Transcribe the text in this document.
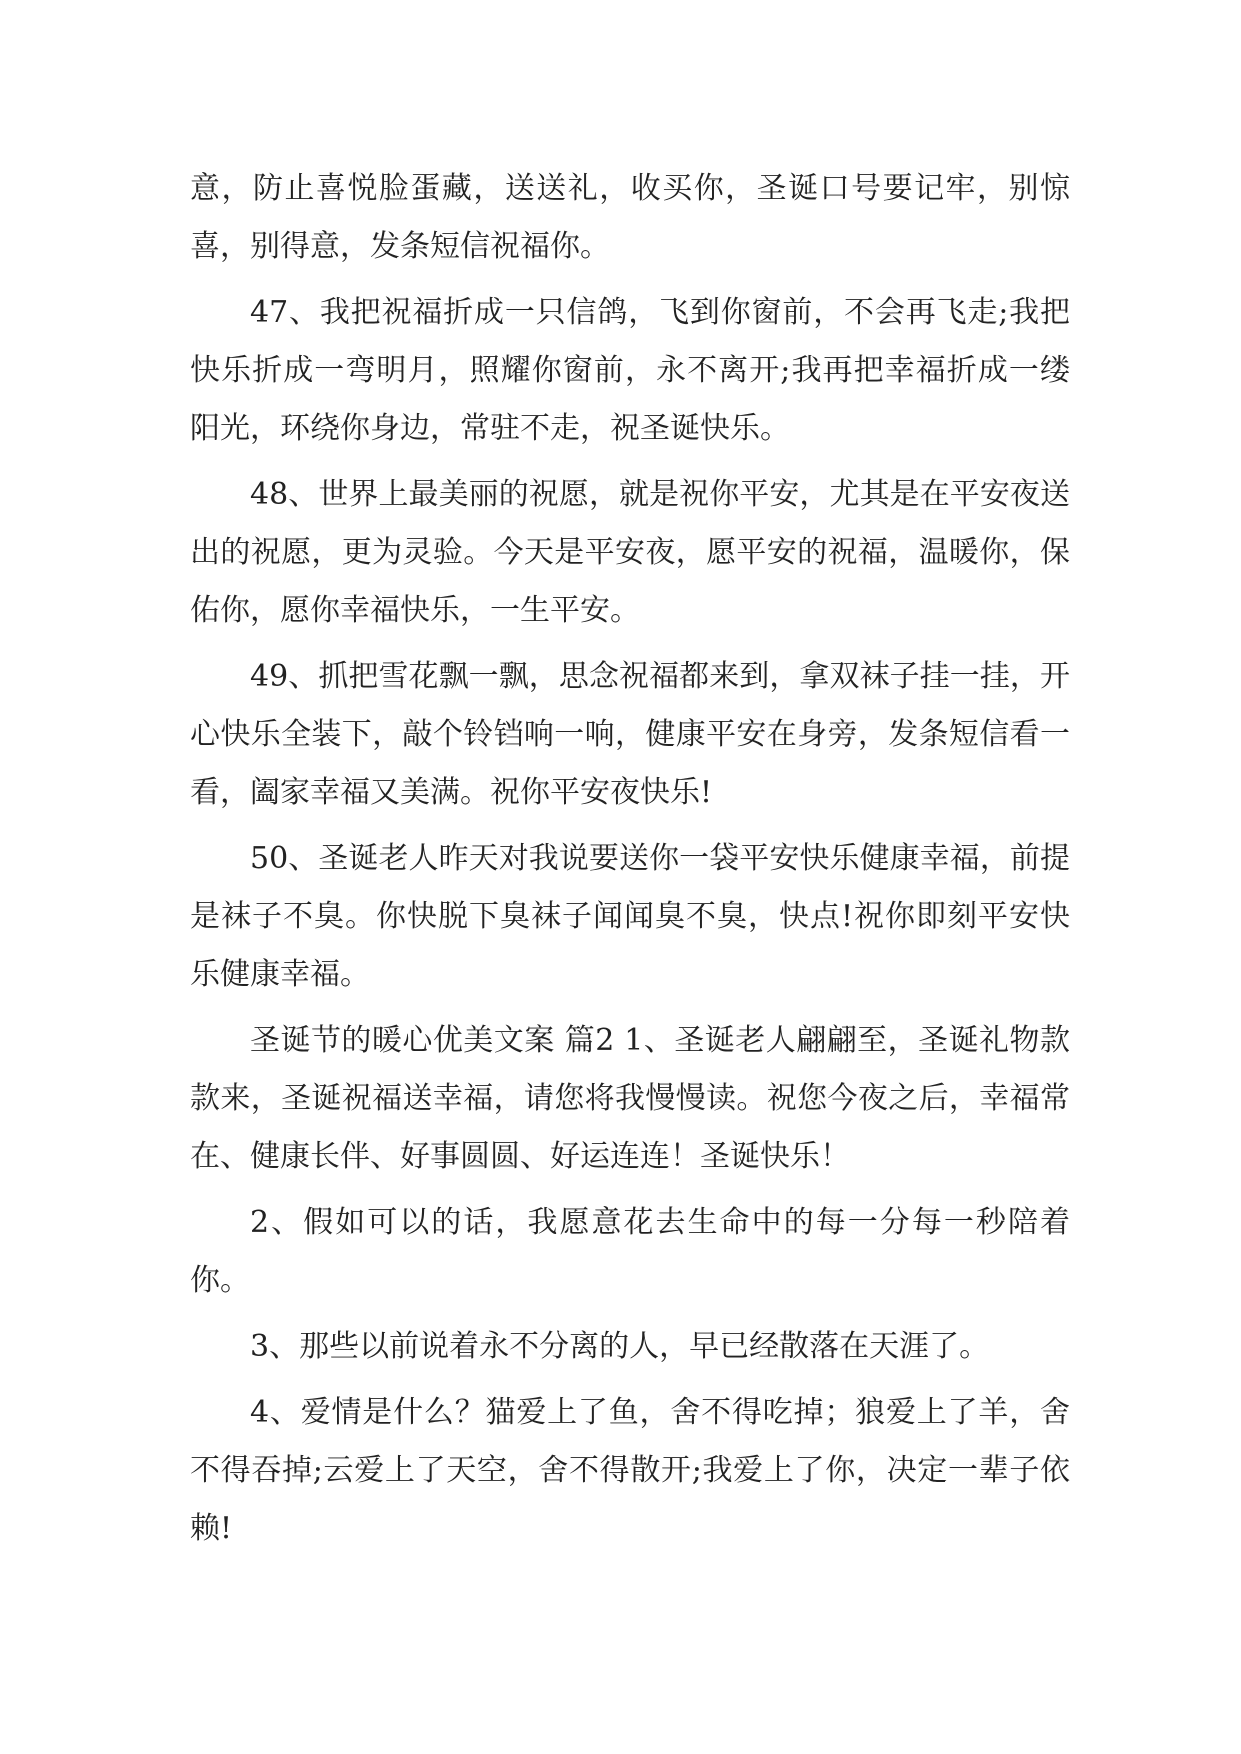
意，防止喜悦脸蛋藏，送送礼，收买你，圣诞口号要记牢，别惊喜，别得意，发条短信祝福你。

47、我把祝福折成一只信鸽，飞到你窗前，不会再飞走;我把快乐折成一弯明月，照耀你窗前，永不离开;我再把幸福折成一缕阳光，环绕你身边，常驻不走，祝圣诞快乐。

48、世界上最美丽的祝愿，就是祝你平安，尤其是在平安夜送出的祝愿，更为灵验。今天是平安夜，愿平安的祝福，温暖你，保佑你，愿你幸福快乐，一生平安。

49、抓把雪花飘一飘，思念祝福都来到，拿双袜子挂一挂，开心快乐全装下，敲个铃铛响一响，健康平安在身旁，发条短信看一看，阖家幸福又美满。祝你平安夜快乐!

50、圣诞老人昨天对我说要送你一袋平安快乐健康幸福，前提是袜子不臭。你快脱下臭袜子闻闻臭不臭，快点!祝你即刻平安快乐健康幸福。

圣诞节的暖心优美文案 篇2 1、圣诞老人翩翩至，圣诞礼物款款来，圣诞祝福送幸福，请您将我慢慢读。祝您今夜之后，幸福常在、健康长伴、好事圆圆、好运连连！圣诞快乐！

2、假如可以的话，我愿意花去生命中的每一分每一秒陪着你。

3、那些以前说着永不分离的人，早已经散落在天涯了。

4、爱情是什么？猫爱上了鱼，舍不得吃掉；狼爱上了羊，舍不得吞掉;云爱上了天空，舍不得散开;我爱上了你，决定一辈子依赖!
